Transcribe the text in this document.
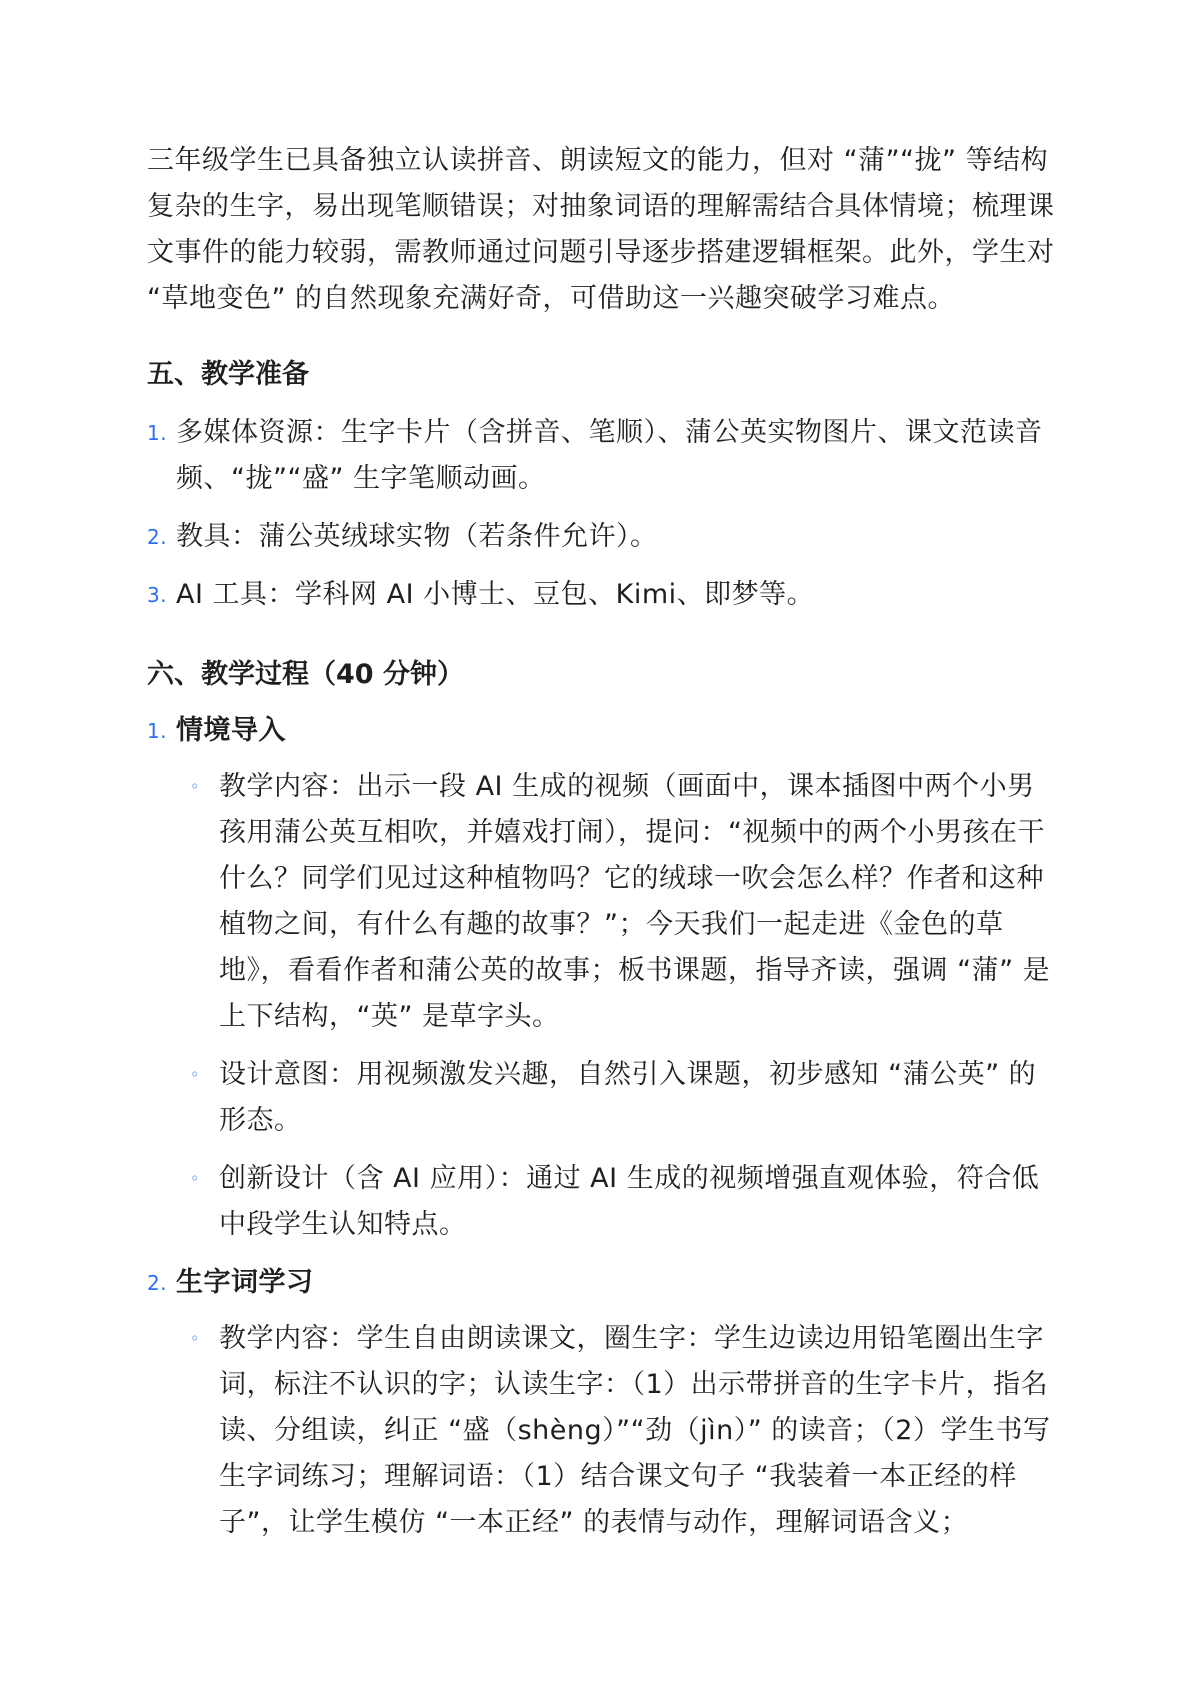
三年级学生已具备独立认读拼音、朗读短文的能力，但对 “蒲”“拢” 等结构复杂的生字，易出现笔顺错误；对抽象词语的理解需结合具体情境；梳理课文事件的能力较弱，需教师通过问题引导逐步搭建逻辑框架。此外，学生对 “草地变色” 的自然现象充满好奇，可借助这一兴趣突破学习难点。

五、教学准备
1. 多媒体资源：生字卡片（含拼音、笔顺）、蒲公英实物图片、课文范读音频、“拢”“盛” 生字笔顺动画。
2. 教具：蒲公英绒球实物（若条件允许）。
3. AI 工具：学科网 AI 小博士、豆包、Kimi、即梦等。
六、教学过程（40 分钟）
1. 情境导入
◦ 教学内容：出示一段 AI 生成的视频（画面中，课本插图中两个小男孩用蒲公英互相吹，并嬉戏打闹），提问：“视频中的两个小男孩在干什么？同学们见过这种植物吗？它的绒球一吹会怎么样？作者和这种植物之间，有什么有趣的故事？”；今天我们一起走进《金色的草地》，看看作者和蒲公英的故事；板书课题，指导齐读，强调 “蒲” 是上下结构，“英” 是草字头。
◦ 设计意图：用视频激发兴趣，自然引入课题，初步感知 “蒲公英” 的形态。
◦ 创新设计（含 AI 应用）：通过 AI 生成的视频增强直观体验，符合低中段学生认知特点。
2. 生字词学习
◦ 教学内容：学生自由朗读课文，圈生字：学生边读边用铅笔圈出生字词，标注不认识的字；认读生字：（1）出示带拼音的生字卡片，指名读、分组读，纠正 “盛（shèng）”“劲（jìn）” 的读音；（2）学生书写生字词练习；理解词语：（1）结合课文句子 “我装着一本正经的样子”，让学生模仿 “一本正经” 的表情与动作，理解词语含义；
